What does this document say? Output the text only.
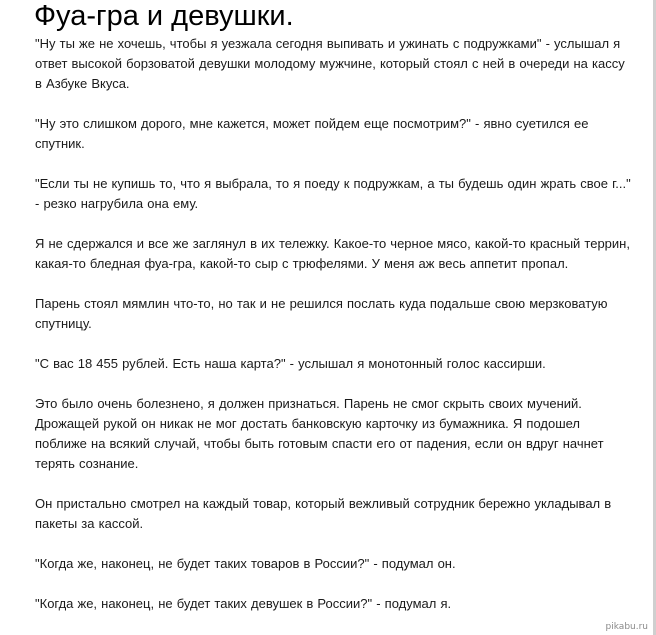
Фуа-гра и девушки.

"Ну ты же не хочешь, чтобы я уезжала сегодня выпивать и ужинать с подружками" - услышал я ответ высокой борзоватой девушки молодому мужчине, который стоял с ней в очереди на кассу в Азбуке Вкуса.

"Ну это слишком дорого, мне кажется, может пойдем еще посмотрим?" - явно суетился ее спутник.

"Если ты не купишь то, что я выбрала, то я поеду к подружкам, а ты будешь один жрать свое г..." - резко нагрубила она ему.

Я не сдержался и все же заглянул в их тележку. Какое-то черное мясо, какой-то красный террин, какая-то бледная фуа-гра, какой-то сыр с трюфелями. У меня аж весь аппетит пропал.

Парень стоял мямлин что-то, но так и не решился послать куда подальше свою мерзковатую спутницу.

"С вас 18 455 рублей. Есть наша карта?" - услышал я монотонный голос кассирши.

Это было очень болезнено, я должен признаться. Парень не смог скрыть своих мучений. Дрожащей рукой он никак не мог достать банковскую карточку из бумажника. Я подошел поближе на всякий случай, чтобы быть готовым спасти его от падения, если он вдруг начнет терять сознание.

Он пристально смотрел на каждый товар, который вежливый сотрудник бережно укладывал в пакеты за кассой.

"Когда же, наконец, не будет таких товаров в России?" - подумал он.

"Когда же, наконец, не будет таких девушек в России?" - подумал я.

pikabu.ru
